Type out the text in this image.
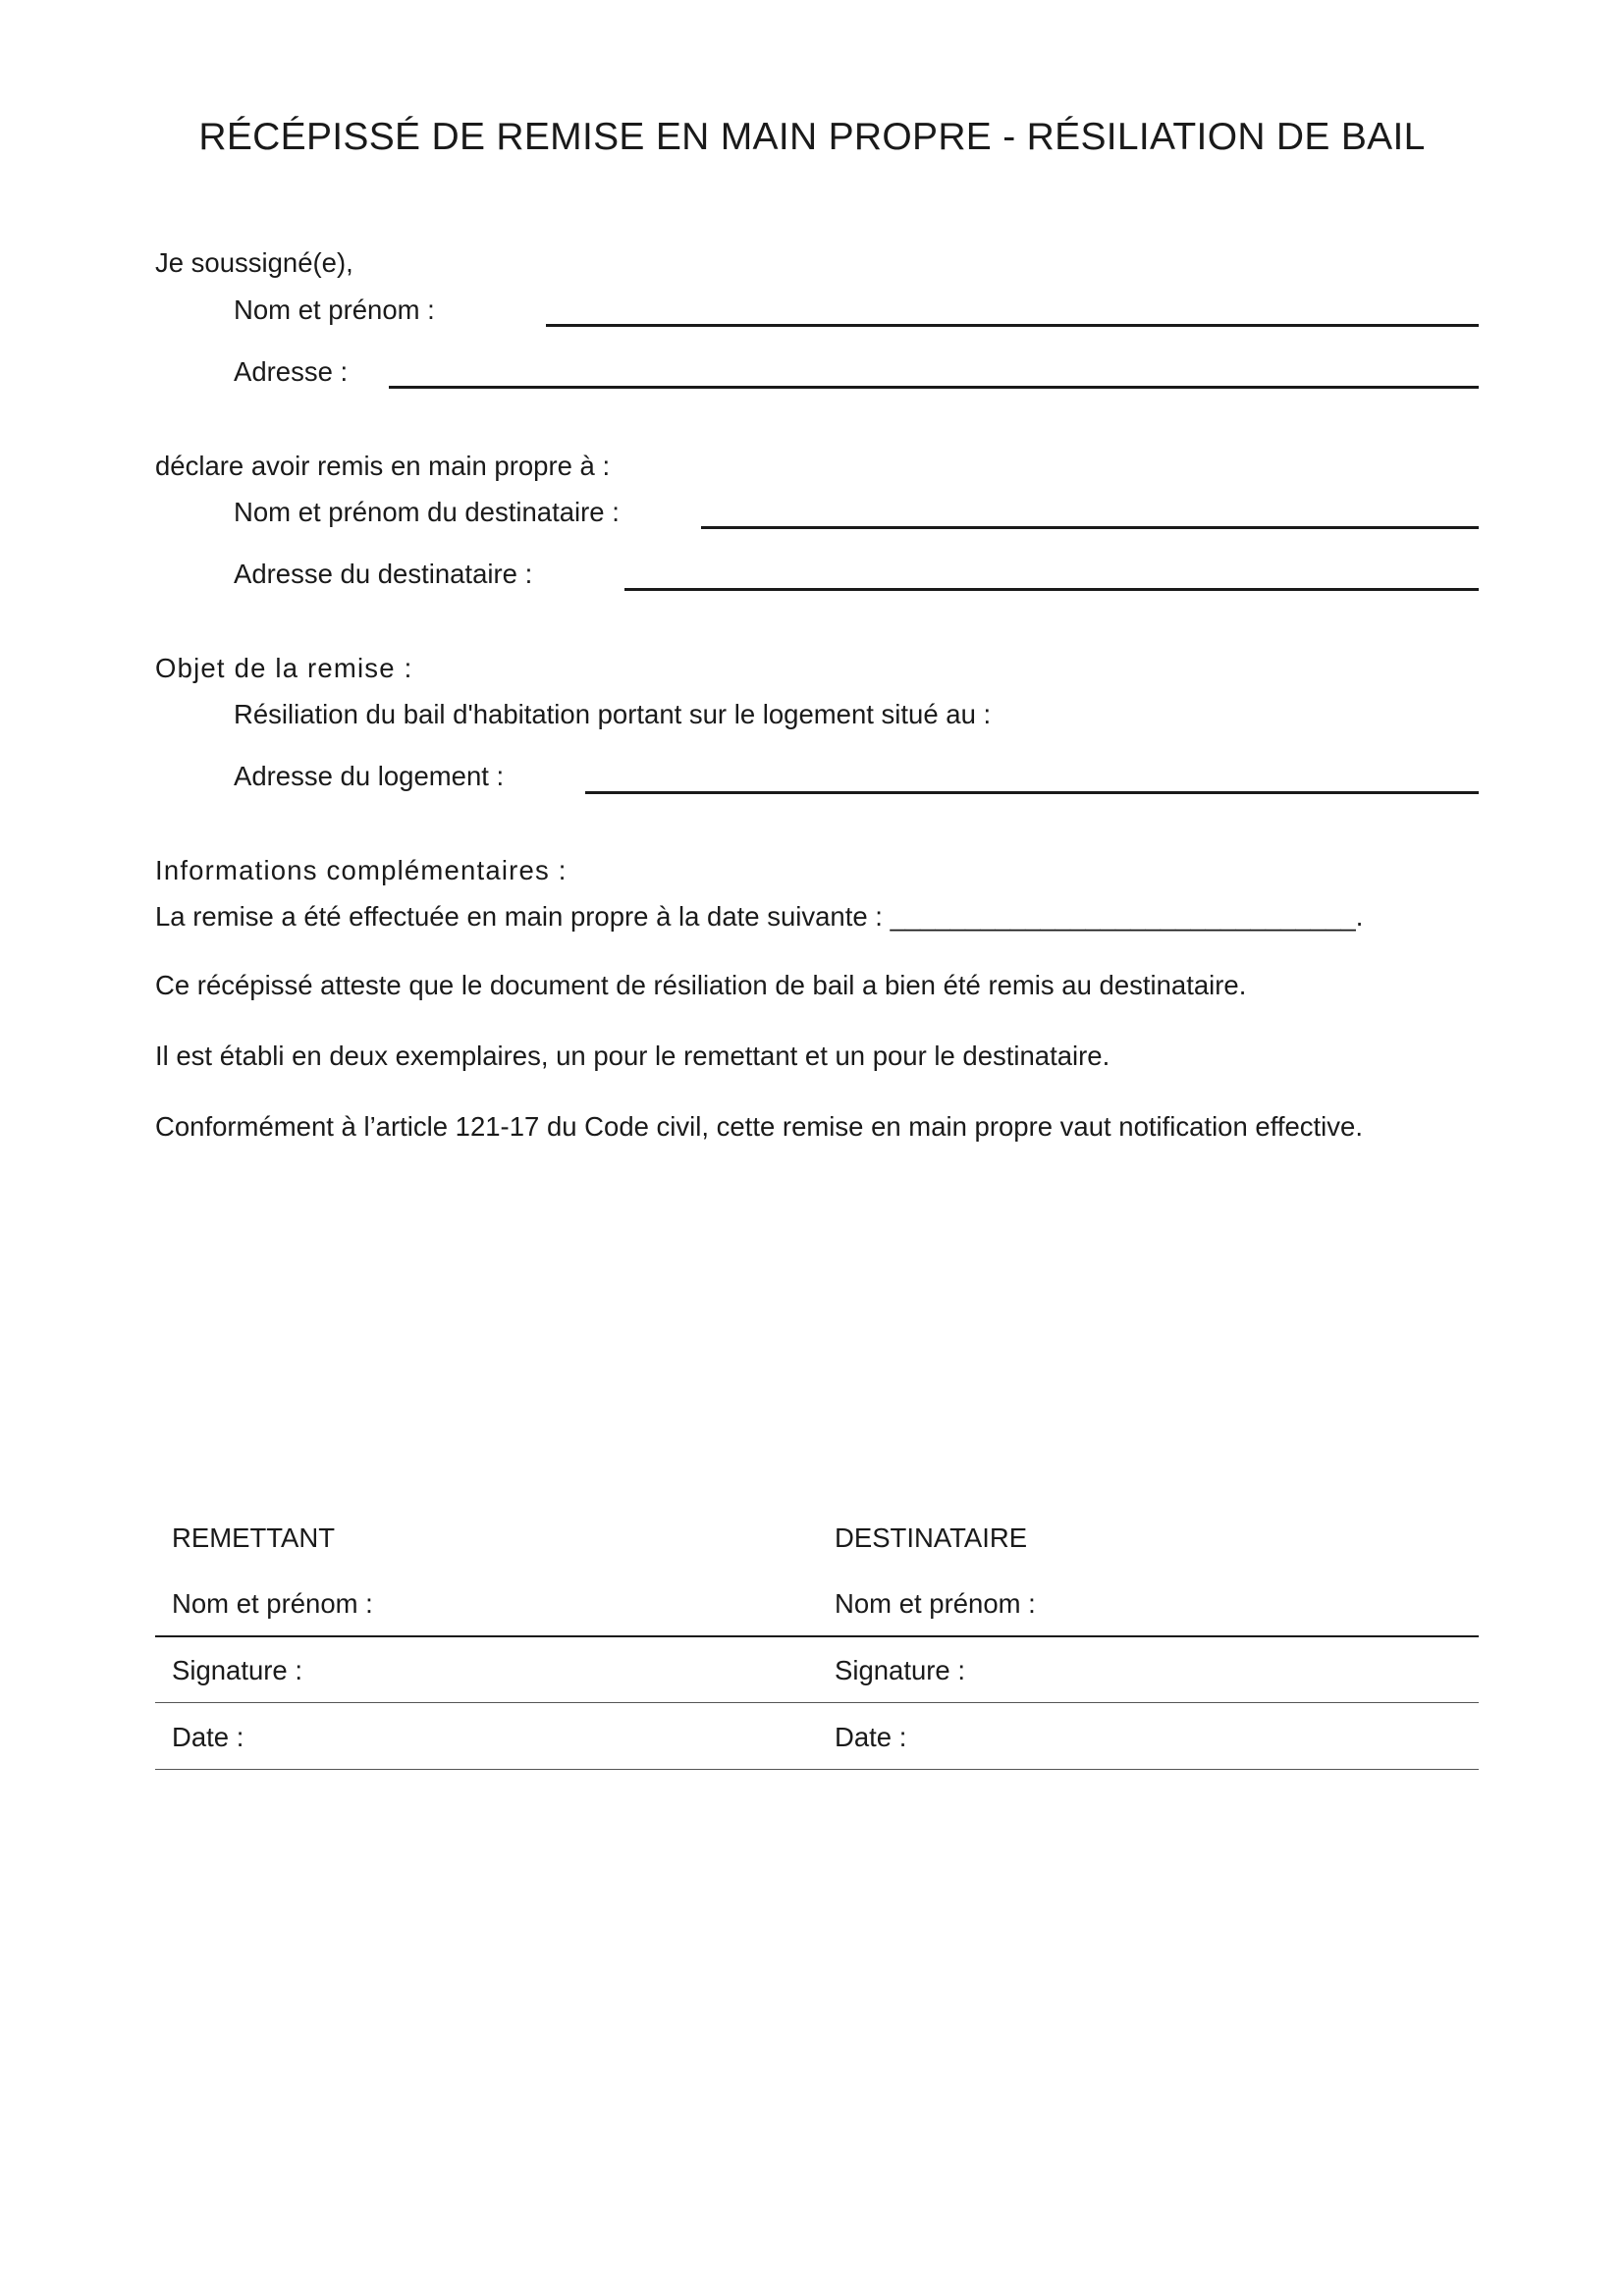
RÉCÉPISSÉ DE REMISE EN MAIN PROPRE - RÉSILIATION DE BAIL
Je soussigné(e),
Nom et prénom :
Adresse :
déclare avoir remis en main propre à :
Nom et prénom du destinataire :
Adresse du destinataire :
Objet de la remise :
Résiliation du bail d'habitation portant sur le logement situé au :
Adresse du logement :
Informations complémentaires :
La remise a été effectuée en main propre à la date suivante : _______________________________.
Ce récépissé atteste que le document de résiliation de bail a bien été remis au destinataire.
Il est établi en deux exemplaires, un pour le remettant et un pour le destinataire.
Conformément à l’article 121-17 du Code civil, cette remise en main propre vaut notification effective.
REMETTANT	DESTINATAIRE
Nom et prénom :	Nom et prénom :
Signature :	Signature :
Date :	Date :
